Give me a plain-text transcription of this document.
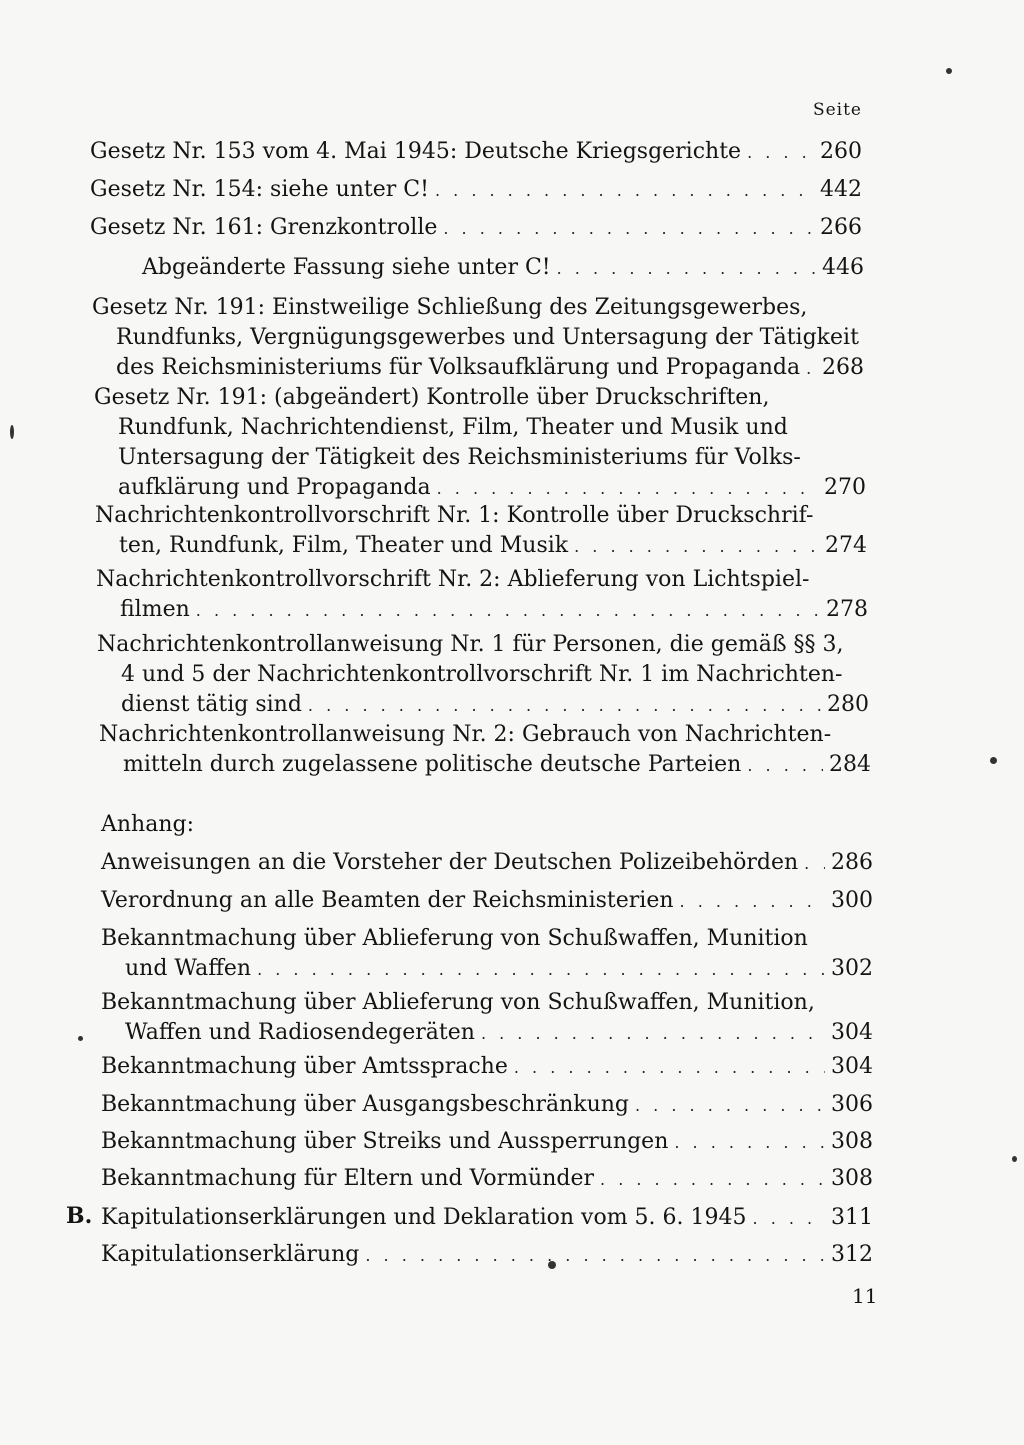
Seite
Gesetz Nr. 153 vom 4. Mai 1945: Deutsche Kriegsgerichte . . .	260
Gesetz Nr. 154: siehe unter C! . . .	442
Gesetz Nr. 161: Grenzkontrolle . . .	266
Abgeänderte Fassung siehe unter C! . . .	446
Gesetz Nr. 191: Einstweilige Schließung des Zeitungsgewerbes,
Rundfunks, Vergnügungsgewerbes und Untersagung der Tätigkeit
des Reichsministeriums für Volksaufklärung und Propaganda . . . 268
Gesetz Nr. 191: (abgeändert) Kontrolle über Druckschriften,
Rundfunk, Nachrichtendienst, Film, Theater und Musik und
Untersagung der Tätigkeit des Reichsministeriums für Volks-
aufklärung und Propaganda . . .	270
Nachrichtenkontrollvorschrift Nr. 1: Kontrolle über Druckschrif-
ten, Rundfunk, Film, Theater und Musik . . .	274
Nachrichtenkontrollvorschrift Nr. 2: Ablieferung von Lichtspiel-
filmen . . .	278
Nachrichtenkontrollanweisung Nr. 1 für Personen, die gemäß §§ 3,
4 und 5 der Nachrichtenkontrollvorschrift Nr. 1 im Nachrichten-
dienst tätig sind . . .	280
Nachrichtenkontrollanweisung Nr. 2: Gebrauch von Nachrichten-
mitteln durch zugelassene politische deutsche Parteien . . .	284
Anhang:
Anweisungen an die Vorsteher der Deutschen Polizeibehörden . . . 286
Verordnung an alle Beamten der Reichsministerien . . .	300
Bekanntmachung über Ablieferung von Schußwaffen, Munition
und Waffen . . .	302
Bekanntmachung über Ablieferung von Schußwaffen, Munition,
Waffen und Radiosendegeräten . . .	304
Bekanntmachung über Amtssprache . . .	304
Bekanntmachung über Ausgangsbeschränkung . . .	306
Bekanntmachung über Streiks und Aussperrungen . . .	308
Bekanntmachung für Eltern und Vormünder . . .	308
B. Kapitulationserklärungen und Deklaration vom 5. 6. 1945 . . .	311
Kapitulationserklärung . . .	312
11
